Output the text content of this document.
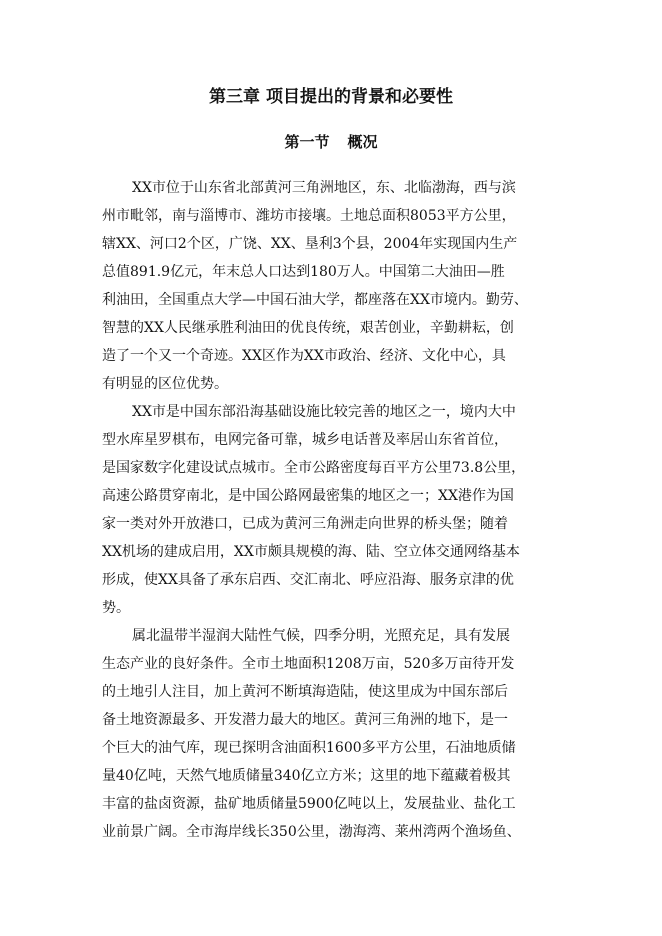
第三章 项目提出的背景和必要性
第一节 概况

XX市位于山东省北部黄河三角洲地区，东、北临渤海，西与滨

州市毗邻，南与淄博市、潍坊市接壤。土地总面积8053平方公里，

辖XX、河口2个区，广饶、XX、垦利3个县，2004年实现国内生产

总值891.9亿元，年末总人口达到180万人。中国第二大油田—胜

利油田，全国重点大学—中国石油大学，都座落在XX市境内。勤劳、

智慧的XX人民继承胜利油田的优良传统，艰苦创业，辛勤耕耘，创

造了一个又一个奇迹。XX区作为XX市政治、经济、文化中心，具

有明显的区位优势。

XX市是中国东部沿海基础设施比较完善的地区之一，境内大中

型水库星罗棋布，电网完备可靠，城乡电话普及率居山东省首位，

是国家数字化建设试点城市。全市公路密度每百平方公里73.8公里，

高速公路贯穿南北，是中国公路网最密集的地区之一；XX港作为国

家一类对外开放港口，已成为黄河三角洲走向世界的桥头堡；随着

XX机场的建成启用，XX市颇具规模的海、陆、空立体交通网络基本

形成，使XX具备了承东启西、交汇南北、呼应沿海、服务京津的优

势。

属北温带半湿润大陆性气候，四季分明，光照充足，具有发展

生态产业的良好条件。全市土地面积1208万亩，520多万亩待开发

的土地引人注目，加上黄河不断填海造陆，使这里成为中国东部后

备土地资源最多、开发潜力最大的地区。黄河三角洲的地下，是一

个巨大的油气库，现已探明含油面积1600多平方公里，石油地质储

量40亿吨，天然气地质储量340亿立方米；这里的地下蕴藏着极其

丰富的盐卤资源，盐矿地质储量5900亿吨以上，发展盐业、盐化工

业前景广阔。全市海岸线长350公里，渤海湾、莱州湾两个渔场鱼、
